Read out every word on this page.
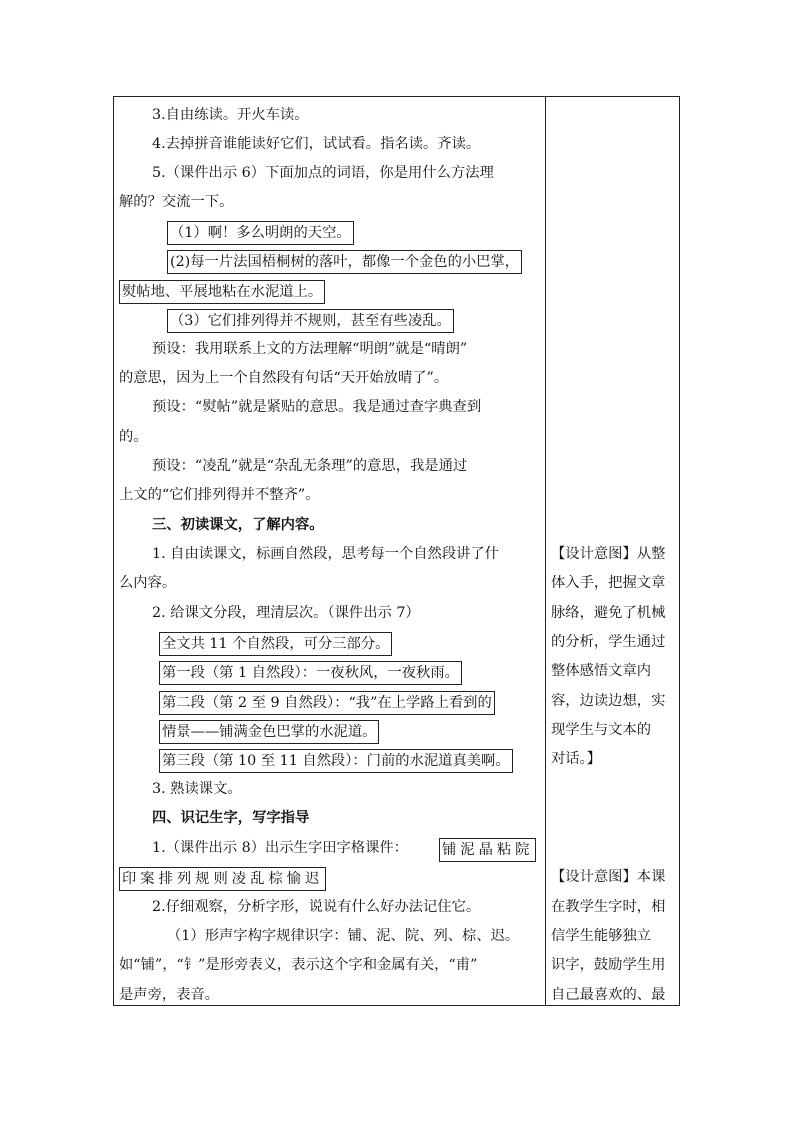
铺泥晶粘院
印案排列规则凌乱棕愉迟
3.自由练读。开火车读。
4.去掉拼音谁能读好它们，试试看。指名读。齐读。
5.（课件出示 6）下面加点的词语，你是用什么方法理
解的？交流一下。
（1）啊！多么明朗的天空。
(2)每一片法国梧桐树的落叶，都像一个金色的小巴掌，
熨帖地、平展地粘在水泥道上。
（3）它们排列得并不规则，甚至有些凌乱。
预设：我用联系上文的方法理解“明朗”就是“晴朗”
的意思，因为上一个自然段有句话“天开始放晴了”。
预设：“熨帖”就是紧贴的意思。我是通过查字典查到
的。
预设：“凌乱”就是“杂乱无条理”的意思，我是通过
上文的“它们排列得并不整齐”。
三、初读课文，了解内容。
1. 自由读课文，标画自然段，思考每一个自然段讲了什
么内容。
2. 给课文分段，理清层次。（课件出示 7）
全文共 11 个自然段，可分三部分。
第一段（第 1 自然段）：一夜秋风，一夜秋雨。
第二段（第 2 至 9 自然段）：“我”在上学路上看到的
情景——铺满金色巴掌的水泥道。
第三段（第 10 至 11 自然段）：门前的水泥道真美啊。
3. 熟读课文。
四、识记生字，写字指导
1.（课件出示 8）出示生字田字格课件：
2.仔细观察，分析字形，说说有什么好办法记住它。
（1）形声字构字规律识字：铺、泥、院、列、棕、迟。
如“铺”，“钅”是形旁表义，表示这个字和金属有关，“甫”
是声旁，表音。
【设计意图】从整
体入手，把握文章
脉络，避免了机械
的分析，学生通过
整体感悟文章内
容，边读边想，实
现学生与文本的
对话。】
【设计意图】本课
在教学生字时，相
信学生能够独立
识字，鼓励学生用
自己最喜欢的、最
